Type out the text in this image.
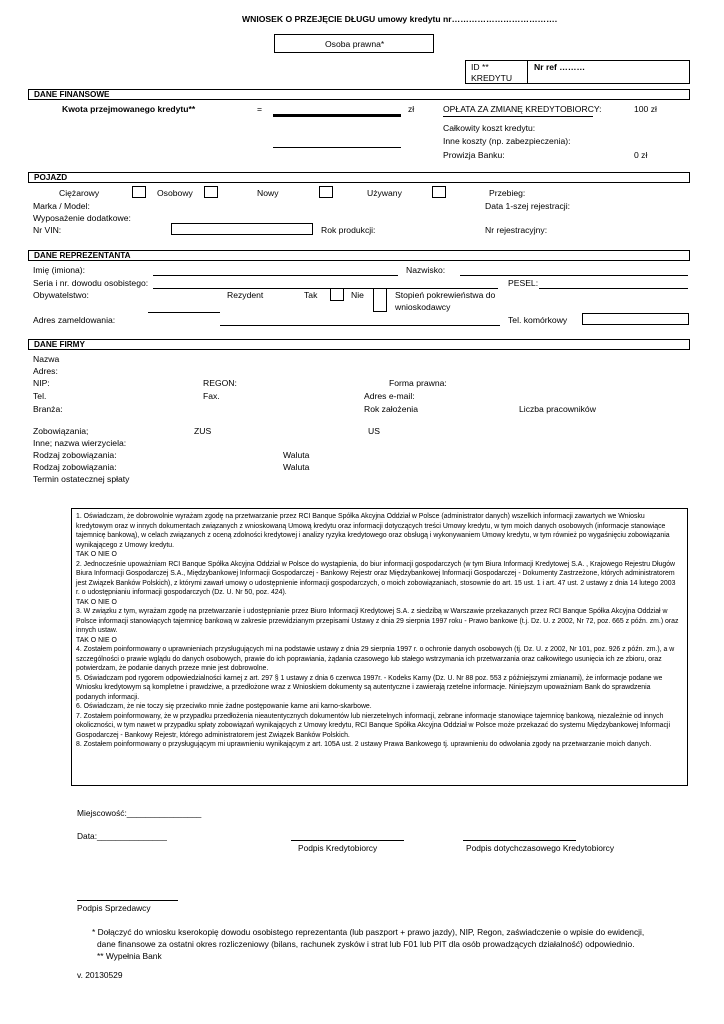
WNIOSEK O PRZEJĘCIE DŁUGU umowy kredytu nr……………………………….
Osoba prawna*
ID **
KREDYTU
Nr ref ………
DANE FINANSOWE
Kwota przejmowanego kredytu**	=	zł	OPŁATA ZA ZMIANĘ KREDYTOBIORCY:	100 zł
Całkowity koszt kredytu:
Inne koszty (np. zabezpieczenia):
Prowizja Banku:	0 zł
POJAZD
Ciężarowy	Osobowy	Nowy	Używany	Przebieg:
Marka / Model:	Data 1-szej rejestracji:
Wyposażenie dodatkowe:
Nr VIN:	Rok produkcji:	Nr rejestracyjny:
DANE REPREZENTANTA
Imię (imiona):	Nazwisko:
Seria i nr. dowodu osobistego:	PESEL:
Obywatelstwo:	Rezydent	Tak	Nie	Stopień pokrewieństwa do
wnioskodawcy
Adres zameldowania:	Tel. komórkowy
DANE FIRMY
Nazwa
Adres:
NIP:	REGON:	Forma prawna:
Tel.	Fax.	Adres e-mail:
Branża:	Rok założenia	Liczba pracowników
Zobowiązania;	ZUS	US
Inne; nazwa wierzyciela:
Rodzaj zobowiązania:	Waluta
Rodzaj zobowiązania:	Waluta
Termin ostatecznej spłaty

1. Oświadczam, że dobrowolnie wyrażam zgodę na przetwarzanie przez RCI Banque Spółka Akcyjna Oddział w Polsce (administrator danych) wszelkich informacji zawartych we Wniosku kredytowym oraz w innych dokumentach związanych z wnioskowaną Umową kredytu oraz informacji dotyczących treści Umowy kredytu, w tym moich danych osobowych (informacje stanowiące tajemnicę bankową), w celach związanych z oceną zdolności kredytowej i analizy ryzyka kredytowego oraz obsługą i wykonywaniem Umowy kredytu, w tym również po wygaśnięciu zobowiązania wynikającego z Umowy kredytu.

TAK O NIE O

2. Jednocześnie upoważniam RCI Banque Spółka Akcyjna Oddział w Polsce do wystąpienia, do biur informacji gospodarczych (w tym Biura Informacji Kredytowej S.A. , Krajowego Rejestru Długów Biura Informacji Gospodarczej S.A., Międzybankowej Informacji Gospodarczej - Bankowy Rejestr oraz Międzybankowej Informacji Gospodarczej - Dokumenty Zastrzeżone, których administratorem jest Związek Banków Polskich), z którymi zawarł umowy o udostępnienie informacji gospodarczych, o moich zobowiązaniach, stosownie do art. 15 ust. 1 i art. 47 ust. 2 ustawy z dnia 14 lutego 2003 r. o udostępnianiu informacji gospodarczych (Dz. U. Nr 50, poz. 424).

TAK O NIE O

3. W związku z tym, wyrażam zgodę na przetwarzanie i udostępnianie przez Biuro Informacji Kredytowej S.A. z siedzibą w Warszawie przekazanych przez RCI Banque Spółka Akcyjna Oddział w Polsce informacji stanowiących tajemnicę bankową w zakresie przewidzianym przepisami Ustawy z dnia 29 sierpnia 1997 roku - Prawo bankowe (t.j. Dz. U. z 2002, Nr 72, poz. 665 z późn. zm.) oraz innych ustaw.

TAK O NIE O

4. Zostałem poinformowany o uprawnieniach przysługujących mi na podstawie ustawy z dnia 29 sierpnia 1997 r. o ochronie danych osobowych (tj. Dz. U. z 2002, Nr 101, poz. 926 z późn. zm.), a w szczególności o prawie wglądu do danych osobowych, prawie do ich poprawiania, żądania czasowego lub stałego wstrzymania ich przetwarzania oraz całkowitego usunięcia ich ze zbioru, oraz potwierdzam, że podanie danych przeze mnie jest dobrowolne.

5. Oświadczam pod rygorem odpowiedzialności karnej z art. 297 § 1 ustawy z dnia 6 czerwca 1997r. - Kodeks Karny (Dz. U. Nr 88 poz. 553 z późniejszymi zmianami), że informacje podane we Wniosku kredytowym są kompletne i prawdziwe, a przedłożone wraz z Wnioskiem dokumenty są autentyczne i zawierają rzetelne informacje. Niniejszym upoważniam Bank do sprawdzenia podanych informacji.

6. Oświadczam, że nie toczy się przeciwko mnie żadne postępowanie karne ani karno-skarbowe.

7. Zostałem poinformowany, że w przypadku przedłożenia nieautentycznych dokumentów lub nierzetelnych informacji, zebrane informacje stanowiące tajemnicę bankową, niezależnie od innych okoliczności, w tym nawet w przypadku spłaty zobowiązań wynikających z Umowy kredytu, RCI Banque Spółka Akcyjna Oddział w Polsce może przekazać do systemu Międzybankowej Informacji Gospodarczej - Bankowy Rejestr, którego administratorem jest Związek Banków Polskich.

8. Zostałem poinformowany o przysługującym mi uprawnieniu wynikającym z art. 105A ust. 2 ustawy Prawa Bankowego tj. uprawnieniu do odwołania zgody na przetwarzanie moich danych.

Miejscowość:________________
Data:_______________
Podpis Kredytobiorcy	Podpis dotychczasowego Kredytobiorcy
Podpis Sprzedawcy
* Dołączyć do wniosku kserokopię dowodu osobistego reprezentanta (lub paszport + prawo jazdy), NIP, Regon, zaświadczenie o wpisie do ewidencji,
dane finansowe za ostatni okres rozliczeniowy (bilans, rachunek zysków i strat lub F01 lub PIT dla osób prowadzących działalność) odpowiednio.
** Wypełnia Bank
v. 20130529
